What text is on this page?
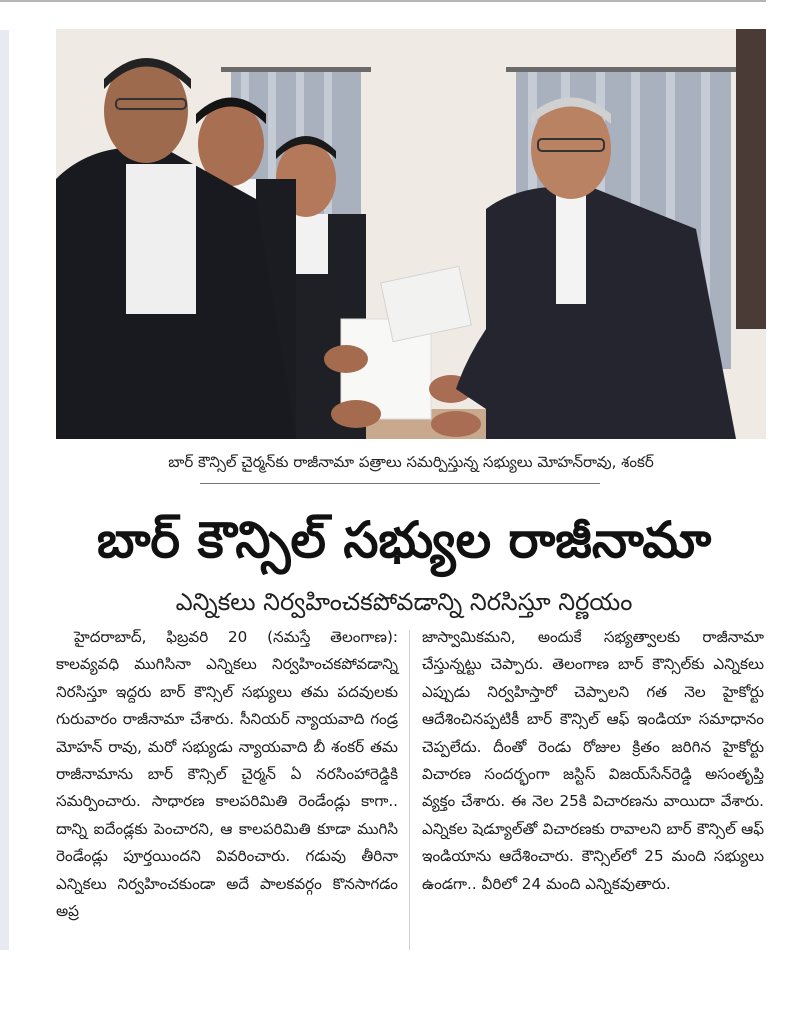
బార్ కౌన్సిల్ చైర్మన్‌కు రాజీనామా పత్రాలు సమర్పిస్తున్న సభ్యులు మోహన్‌రావు, శంకర్
బార్ కౌన్సిల్ సభ్యుల రాజీనామా
ఎన్నికలు నిర్వహించకపోవడాన్ని నిరసిస్తూ నిర్ణయం

హైదరాబాద్, ఫిబ్రవరి 20 (నమస్తే తెలంగాణ): కాలవ్యవధి ముగిసినా ఎన్నికలు నిర్వహించకపోవడాన్ని నిరసిస్తూ ఇద్దరు బార్ కౌన్సిల్ సభ్యులు తమ పదవులకు గురువారం రాజీనామా చేశారు. సీనియర్ న్యాయవాది గండ్ర మోహన్ రావు, మరో సభ్యుడు న్యాయవాది బీ శంకర్ తమ రాజీనామాను బార్ కౌన్సిల్ చైర్మన్ ఏ నరసింహారెడ్డికి సమర్పించారు. సాధారణ కాలపరిమితి రెండేండ్లు కాగా.. దాన్ని ఐదేండ్లకు పెంచారని, ఆ కాలపరిమితి కూడా ముగిసి రెండేండ్లు పూర్తయిందని వివరించారు. గడువు తీరినా ఎన్నికలు నిర్వహించకుండా అదే పాలకవర్గం కొనసాగడం అప్ర

జాస్వామికమని, అందుకే సభ్యత్వాలకు రాజీనామా చేస్తున్నట్టు చెప్పారు. తెలంగాణ బార్ కౌన్సిల్‌కు ఎన్నికలు ఎప్పుడు నిర్వహిస్తారో చెప్పాలని గత నెల హైకోర్టు ఆదేశించినప్పటికీ బార్ కౌన్సిల్ ఆఫ్ ఇండియా సమాధానం చెప్పలేదు. దీంతో రెండు రోజుల క్రితం జరిగిన హైకోర్టు విచారణ సందర్భంగా జస్టిస్ విజయ్‌సేన్‌రెడ్డి అసంతృప్తి వ్యక్తం చేశారు. ఈ నెల 25కి విచారణను వాయిదా వేశారు. ఎన్నికల షెడ్యూల్‌తో విచారణకు రావాలని బార్ కౌన్సిల్ ఆఫ్ ఇండియాను ఆదేశించారు. కౌన్సిల్‌లో 25 మంది సభ్యులు ఉండగా.. వీరిలో 24 మంది ఎన్నికవుతారు.
